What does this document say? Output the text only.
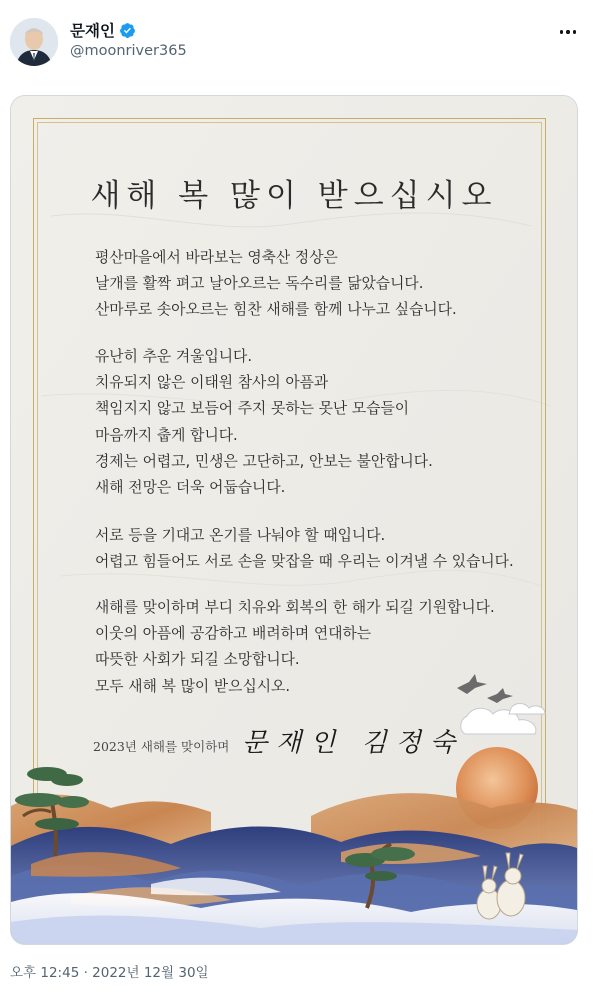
문재인
@moonriver365
새해 복 많이 받으십시오
평산마을에서 바라보는 영축산 정상은
날개를 활짝 펴고 날아오르는 독수리를 닮았습니다.
산마루로 솟아오르는 힘찬 새해를 함께 나누고 싶습니다.
유난히 추운 겨울입니다.
치유되지 않은 이태원 참사의 아픔과
책임지지 않고 보듬어 주지 못하는 못난 모습들이
마음까지 춥게 합니다.
경제는 어렵고, 민생은 고단하고, 안보는 불안합니다.
새해 전망은 더욱 어둡습니다.
서로 등을 기대고 온기를 나눠야 할 때입니다.
어렵고 힘들어도 서로 손을 맞잡을 때 우리는 이겨낼 수 있습니다.
새해를 맞이하며 부디 치유와 회복의 한 해가 되길 기원합니다.
이웃의 아픔에 공감하고 배려하며 연대하는
따뜻한 사회가 되길 소망합니다.
모두 새해 복 많이 받으십시오.
2023년 새해를 맞이하며 문재인 김정숙
오후 12:45 · 2022년 12월 30일
